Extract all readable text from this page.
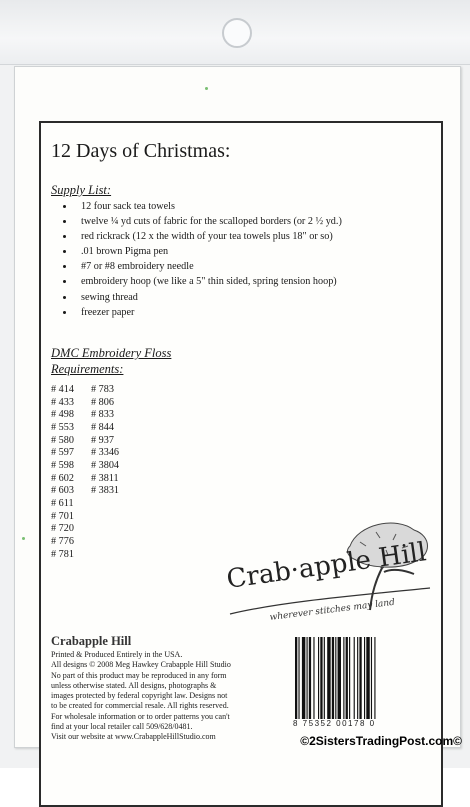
12 Days of Christmas:

Supply List:

• 12 four sack tea towels
• twelve ¼ yd cuts of fabric for the scalloped borders (or 2 ½ yd.)
• red rickrack (12 x the width of your tea towels plus 18" or so)
• .01 brown Pigma pen
• #7 or #8 embroidery needle
• embroidery hoop (we like a 5" thin sided, spring tension hoop)
• sewing thread
• freezer paper

DMC Embroidery Floss
Requirements:

# 414
# 433
# 498
# 553
# 580
# 597
# 598
# 602
# 603
# 611
# 701
# 720
# 776
# 781
# 783
# 806
# 833
# 844
# 937
# 3346
# 3804
# 3811
# 3831
Crab·apple Hill
wherever stitches may land

Crabapple Hill

Printed & Produced Entirely in the USA.
All designs © 2008 Meg Hawkey Crabapple Hill Studio
No part of this product may be reproduced in any form
unless otherwise stated. All designs, photographs &
images protected by federal copyright law. Designs not
to be created for commercial resale. All rights reserved.
For wholesale information or to order patterns you can't
find at your local retailer call 509/628/0481.
Visit our website at www.CrabappleHillStudio.com

8 75352 00178 0
©2SistersTradingPost.com©
